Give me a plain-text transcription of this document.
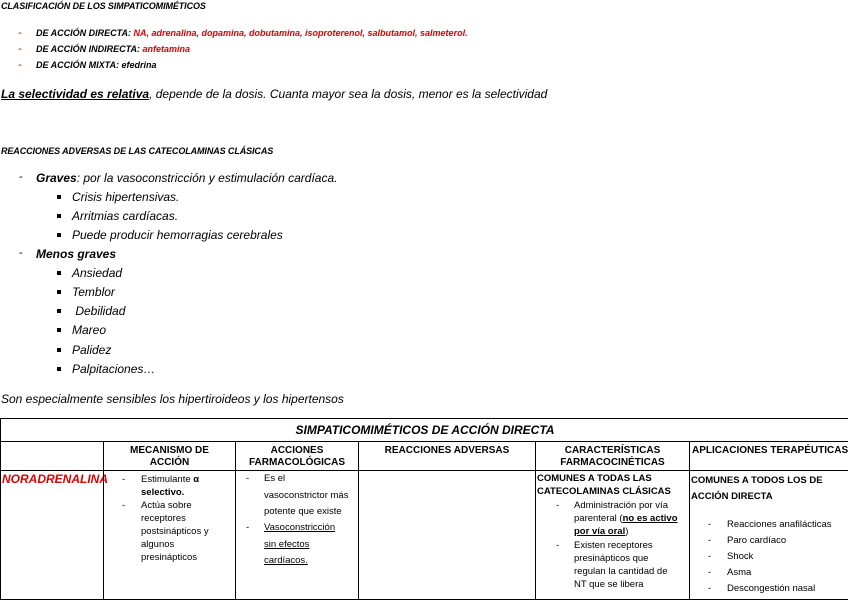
CLASIFICACIÓN DE LOS SIMPATICOMIMÉTICOS
- DE ACCIÓN DIRECTA: NA, adrenalina, dopamina, dobutamina, isoproterenol, salbutamol, salmeterol.
- DE ACCIÓN INDIRECTA: anfetamina
- DE ACCIÓN MIXTA: efedrina
La selectividad es relativa, depende de la dosis. Cuanta mayor sea la dosis, menor es la selectividad
REACCIONES ADVERSAS DE LAS CATECOLAMINAS CLÁSICAS
- Graves: por la vasoconstricción y estimulación cardíaca.
Crisis hipertensivas.
Arritmias cardíacas.
Puede producir hemorragias cerebrales
- Menos graves
Ansiedad
Temblor
Debilidad
Mareo
Palidez
Palpitaciones…
Son especialmente sensibles los hipertiroideos y los hipertensos
SIMPATICOMIMÉTICOS DE ACCIÓN DIRECTA
MECANISMO DE
ACCIÓN
ACCIONES
FARMACOLÓGICAS
REACCIONES ADVERSAS	CARACTERÍSTICAS
FARMACOCINÉTICAS
APLICACIONES TERAPÉUTICAS
NORADRENALINA - Estimulante α
selectivo.
- Actúa sobre
receptores
postsinápticos y
algunos
presinápticos
- Es el
vasoconstrictor más
potente que existe
- Vasoconstricción
sin efectos
cardíacos.
COMUNES A TODAS LAS
CATECOLAMINAS CLÁSICAS
- Administración por vía
parenteral (no es activo
por vía oral)
- Existen receptores
presinápticos que
regulan la cantidad de
NT que se libera
COMUNES A TODOS LOS DE
ACCIÓN DIRECTA
- Reacciones anafilácticas
- Paro cardíaco
- Shock
- Asma
- Descongestión nasal
